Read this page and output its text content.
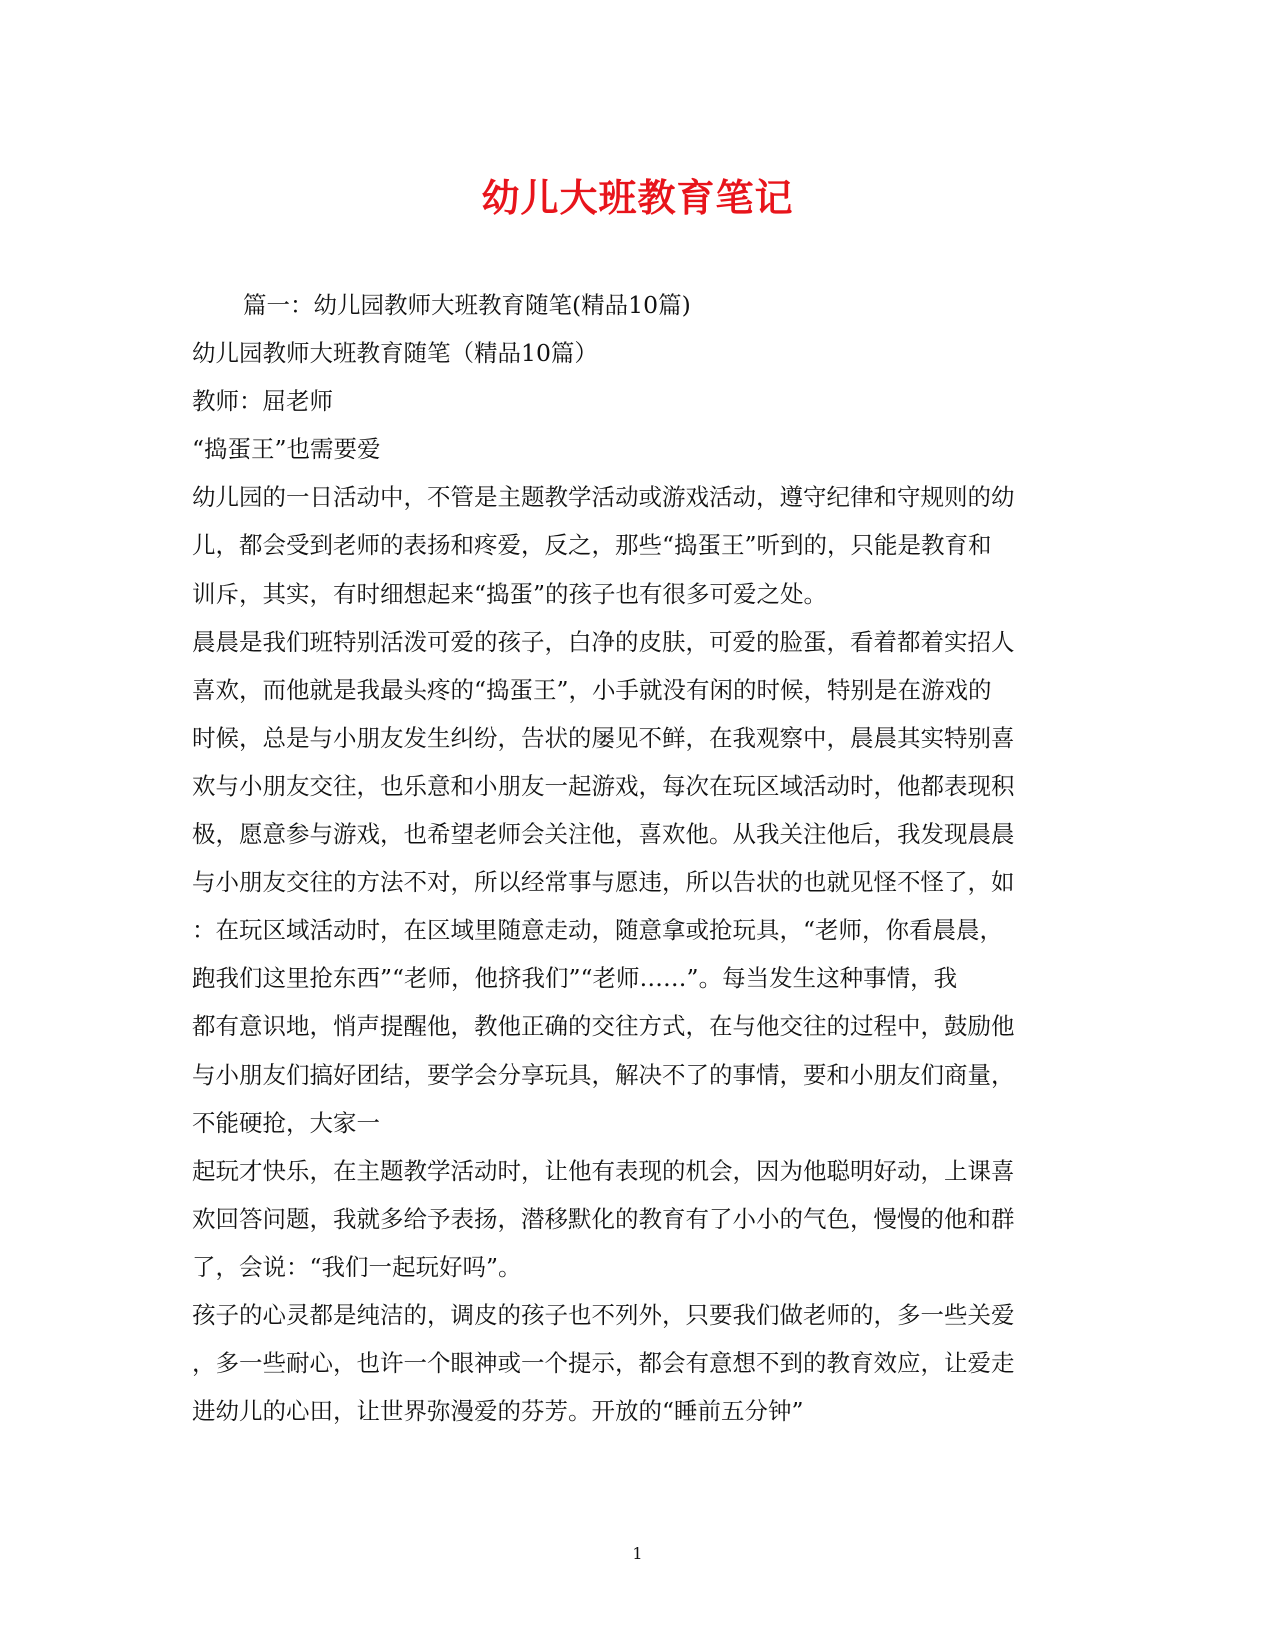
幼儿大班教育笔记

篇一：幼儿园教师大班教育随笔(精品10篇)

幼儿园教师大班教育随笔（精品10篇）

教师：屈老师

“捣蛋王”也需要爱

幼儿园的一日活动中，不管是主题教学活动或游戏活动，遵守纪律和守规则的幼

儿，都会受到老师的表扬和疼爱，反之，那些“捣蛋王”听到的，只能是教育和

训斥，其实，有时细想起来“捣蛋”的孩子也有很多可爱之处。

晨晨是我们班特别活泼可爱的孩子，白净的皮肤，可爱的脸蛋，看着都着实招人

喜欢，而他就是我最头疼的“捣蛋王”，小手就没有闲的时候，特别是在游戏的

时候，总是与小朋友发生纠纷，告状的屡见不鲜，在我观察中，晨晨其实特别喜

欢与小朋友交往，也乐意和小朋友一起游戏，每次在玩区域活动时，他都表现积

极，愿意参与游戏，也希望老师会关注他，喜欢他。从我关注他后，我发现晨晨

与小朋友交往的方法不对，所以经常事与愿违，所以告状的也就见怪不怪了，如

：在玩区域活动时，在区域里随意走动，随意拿或抢玩具，“老师，你看晨晨，

跑我们这里抢东西”“老师，他挤我们”“老师……”。每当发生这种事情，我

都有意识地，悄声提醒他，教他正确的交往方式，在与他交往的过程中，鼓励他

与小朋友们搞好团结，要学会分享玩具，解决不了的事情，要和小朋友们商量，

不能硬抢，大家一

起玩才快乐，在主题教学活动时，让他有表现的机会，因为他聪明好动，上课喜

欢回答问题，我就多给予表扬，潜移默化的教育有了小小的气色，慢慢的他和群

了，会说：“我们一起玩好吗”。

孩子的心灵都是纯洁的，调皮的孩子也不列外，只要我们做老师的，多一些关爱

，多一些耐心，也许一个眼神或一个提示，都会有意想不到的教育效应，让爱走

进幼儿的心田，让世界弥漫爱的芬芳。开放的“睡前五分钟”

1
